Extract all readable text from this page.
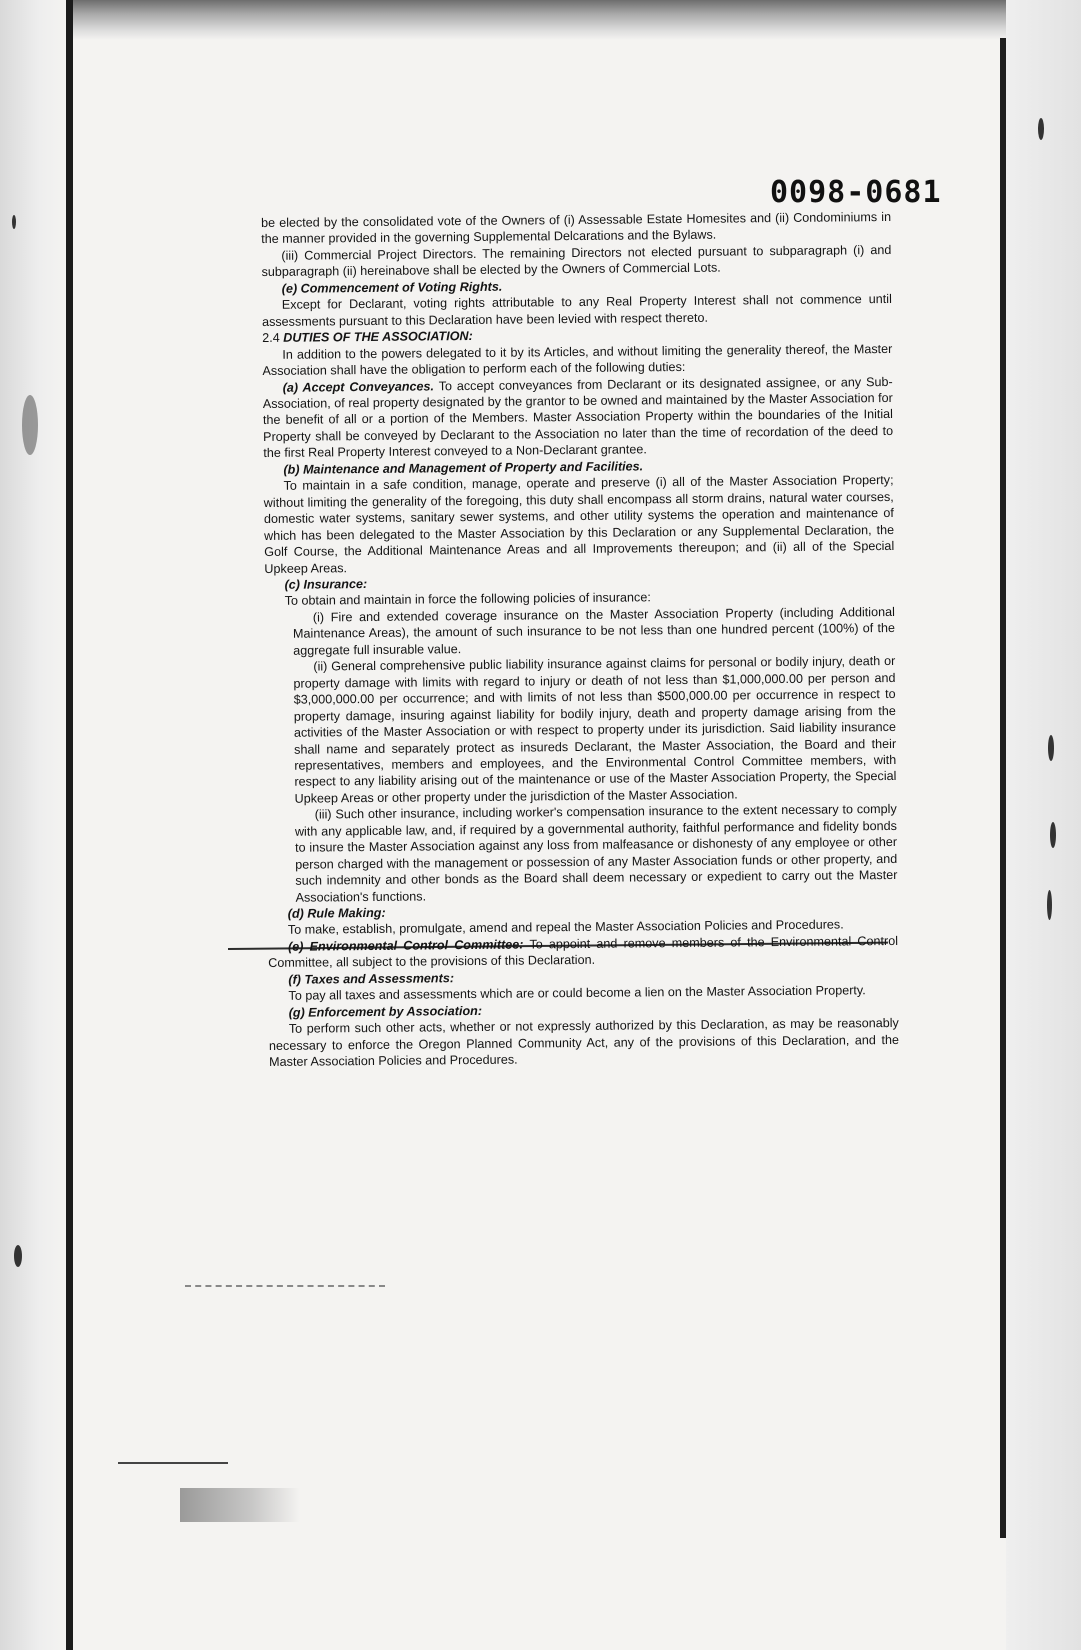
0098-0681

be elected by the consolidated vote of the Owners of (i) Assessable Estate Homesites and (ii) Condominiums in the manner provided in the governing Supplemental Delcarations and the Bylaws.

(iii) Commercial Project Directors. The remaining Directors not elected pursuant to subparagraph (i) and subparagraph (ii) hereinabove shall be elected by the Owners of Commercial Lots.

(e) Commencement of Voting Rights.

Except for Declarant, voting rights attributable to any Real Property Interest shall not commence until assessments pursuant to this Declaration have been levied with respect thereto.

2.4 DUTIES OF THE ASSOCIATION:

In addition to the powers delegated to it by its Articles, and without limiting the generality thereof, the Master Association shall have the obligation to perform each of the following duties:

(a) Accept Conveyances. To accept conveyances from Declarant or its designated assignee, or any Sub-Association, of real property designated by the grantor to be owned and maintained by the Master Association for the benefit of all or a portion of the Members. Master Association Property within the boundaries of the Initial Property shall be conveyed by Declarant to the Association no later than the time of recordation of the deed to the first Real Property Interest conveyed to a Non-Declarant grantee.

(b) Maintenance and Management of Property and Facilities.

To maintain in a safe condition, manage, operate and preserve (i) all of the Master Association Property; without limiting the generality of the foregoing, this duty shall encompass all storm drains, natural water courses, domestic water systems, sanitary sewer systems, and other utility systems the operation and maintenance of which has been delegated to the Master Association by this Declaration or any Supplemental Declaration, the Golf Course, the Additional Maintenance Areas and all Improvements thereupon; and (ii) all of the Special Upkeep Areas.

(c) Insurance:

To obtain and maintain in force the following policies of insurance:

(i) Fire and extended coverage insurance on the Master Association Property (including Additional Maintenance Areas), the amount of such insurance to be not less than one hundred percent (100%) of the aggregate full insurable value.

(ii) General comprehensive public liability insurance against claims for personal or bodily injury, death or property damage with limits with regard to injury or death of not less than $1,000,000.00 per person and $3,000,000.00 per occurrence; and with limits of not less than $500,000.00 per occurrence in respect to property damage, insuring against liability for bodily injury, death and property damage arising from the activities of the Master Association or with respect to property under its jurisdiction. Said liability insurance shall name and separately protect as insureds Declarant, the Master Association, the Board and their representatives, members and employees, and the Environmental Control Committee members, with respect to any liability arising out of the maintenance or use of the Master Association Property, the Special Upkeep Areas or other property under the jurisdiction of the Master Association.

(iii) Such other insurance, including worker's compensation insurance to the extent necessary to comply with any applicable law, and, if required by a governmental authority, faithful performance and fidelity bonds to insure the Master Association against any loss from malfeasance or dishonesty of any employee or other person charged with the management or possession of any Master Association funds or other property, and such indemnity and other bonds as the Board shall deem necessary or expedient to carry out the Master Association's functions.

(d) Rule Making:

To make, establish, promulgate, amend and repeal the Master Association Policies and Procedures.

(e) Environmental Control Committee: To appoint and remove members of the Environmental Control Committee, all subject to the provisions of this Declaration.

(f) Taxes and Assessments:

To pay all taxes and assessments which are or could become a lien on the Master Association Property.

(g) Enforcement by Association:

To perform such other acts, whether or not expressly authorized by this Declaration, as may be reasonably necessary to enforce the Oregon Planned Community Act, any of the provisions of this Declaration, and the Master Association Policies and Procedures.
